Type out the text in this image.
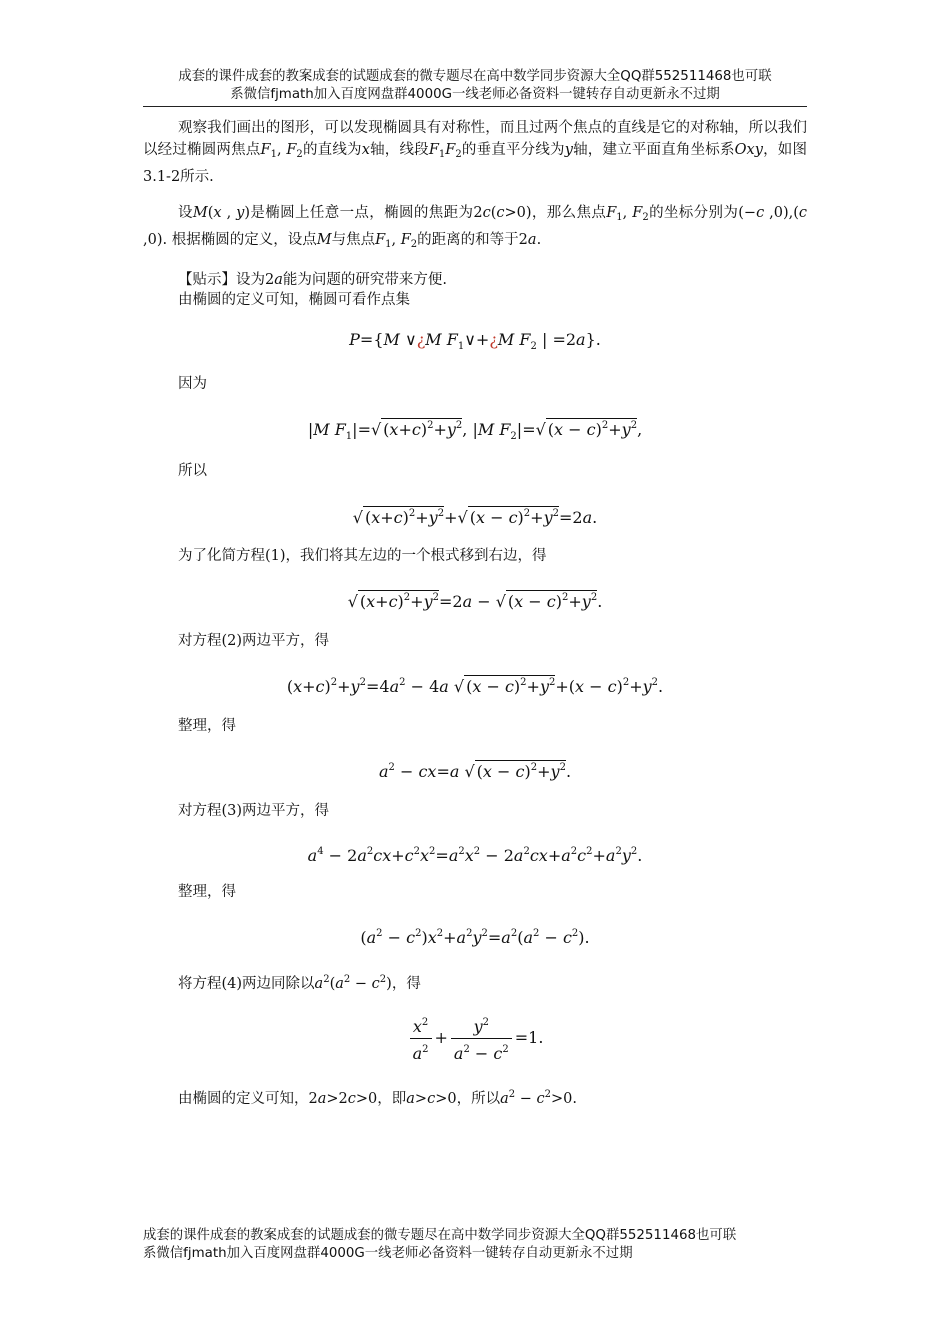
成套的课件成套的教案成套的试题成套的微专题尽在高中数学同步资源大全QQ群552511468也可联
系微信fjmath加入百度网盘群4000G一线老师必备资料一键转存自动更新永不过期
观察我们画出的图形，可以发现椭圆具有对称性，而且过两个焦点的直线是它的对称轴，所以我们以经过椭圆两焦点$F_1$, $F_2$的直线为x轴，线段$F_1F_2$的垂直平分线为y轴，建立平面直角坐标系Oxy，如图3.1-2所示.
设M(x , y)是椭圆上任意一点，椭圆的焦距为2c(c>0)，那么焦点$F_1$, $F_2$的坐标分别为(−c ,0),(c ,0). 根据椭圆的定义，设点M与焦点$F_1$, $F_2$的距离的和等于2a.
【贴示】设为2a能为问题的研究带来方便.
由椭圆的定义可知，椭圆可看作点集
P={M ∨¿M $F_1\vee+¿M$ $F_2$ | =2a}.
因为
|M $F_1|=√$ $(x+c)^2+y^2$, |M $F_2|=√$ $(x - c)^2+y^2$,
所以
√ $(x+c)^2+y^2+√$ $(x - c)^2+y^2=2a$.
为了化简方程(1)，我们将其左边的一个根式移到右边，得
√ $(x+c)^2+y^2=2a$ − √ $(x - c)^2+y^2$.
对方程(2)两边平方，得
$(x+c)^2+y^2=4a^2 - 4a$ √ $(x - c)^2+y^2+(x - c)^2+y^2$.
整理，得
$a^2 - cx=a$ √ $(x - c)^2+y^2$.
对方程(3)两边平方，得
$a^4 - 2a^2cx+c^2x^2=a^2x^2 - 2a^2cx+a^2c^2+a^2y^2$.
整理，得
$(a^2 - c^2)x^2+a^2y^2=a^2(a^2 - c^2)$.
将方程(4)两边同除以$a^2(a^2 - c^2)$，得
$\frac{x^2}{a^2} + \frac{y^2}{a^2 - c^2} =1$.
由椭圆的定义可知，2a>2c>0，即a>c>0，所以$a^2 - c^2>0$.
成套的课件成套的教案成套的试题成套的微专题尽在高中数学同步资源大全QQ群552511468也可联
系微信fjmath加入百度网盘群4000G一线老师必备资料一键转存自动更新永不过期
